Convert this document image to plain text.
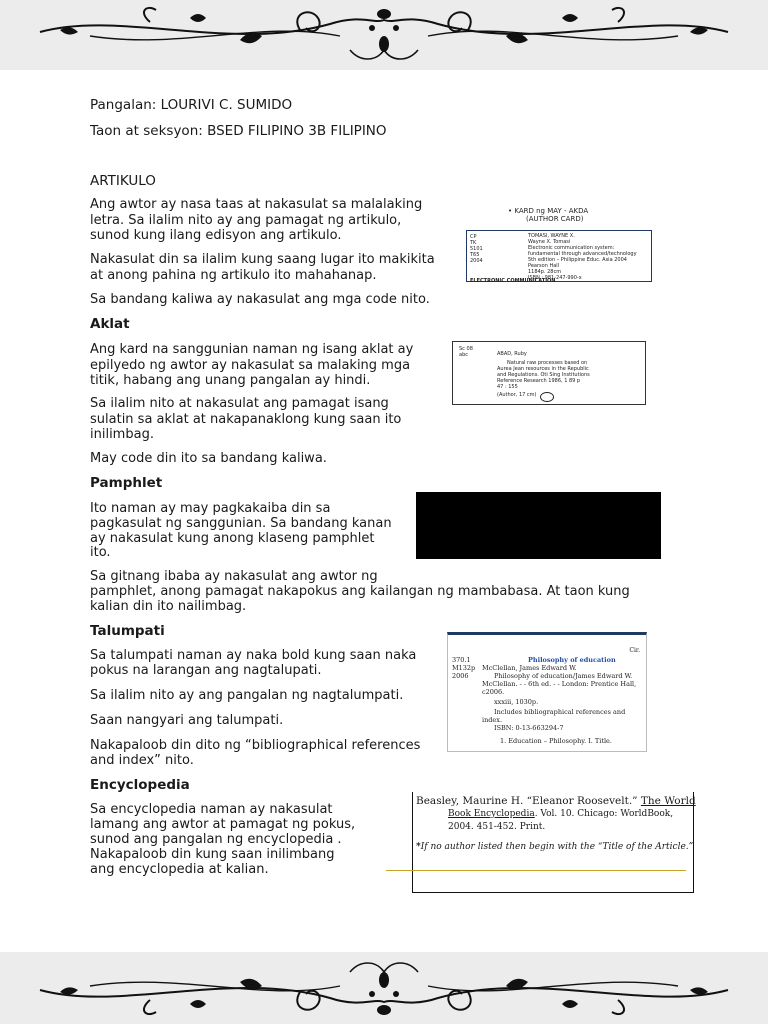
Pangalan: LOURIVI C. SUMIDO
Taon at seksyon: BSED FILIPINO 3B FILIPINO
ARTIKULO
Ang awtor ay nasa taas at nakasulat sa malalaking
letra. Sa ilalim nito ay ang pamagat ng artikulo,
sunod kung ilang edisyon ang artikulo.
Nakasulat din sa ilalim kung saang lugar ito makikita
at anong pahina ng artikulo ito mahahanap.
Sa bandang kaliwa ay nakasulat ang mga code nito.
• KARD ng MAY - AKDA
(AUTHOR CARD)
CP
TK
5101
T65
2004
TOMASI, WAYNE X.
Wayne X. Tomasi
Electronic communication system:
fundamental through advanced/technology
5th edition – Philippine Educ. Asia 2004
Pearson Hall
1184p. 28cm
ISBN : 981-247-990-x
ELECTRONIC COMMUNICATION
Aklat
Ang kard na sanggunian naman ng isang aklat ay
epilyedo ng awtor ay nakasulat sa malaking mga
titik, habang ang unang pangalan ay hindi.
Sa ilalim nito at nakasulat ang pamagat isang
sulatin sa aklat at nakapanaklong kung saan ito
inilimbag.
May code din ito sa bandang kaliwa.
Sc 08
abc	ABAD, Ruby
Natural raw processes based on
Aurea Jean resources in the Republic
and Regulations. Oti Sing Institutions
Reference Research 1986, 1 89 p
47 : 155
(Author, 17 cm)
Pamphlet
Ito naman ay may pagkakaiba din sa
pagkasulat ng sanggunian. Sa bandang kanan
ay nakasulat kung anong klaseng pamphlet
ito.
Sa gitnang ibaba ay nakasulat ang awtor ng
pamphlet, anong pamagat nakapokus ang kailangan ng mambabasa. At taon kung
kalian din ito nailimbag.
Talumpati
Sa talumpati naman ay naka bold kung saan naka
pokus na larangan ang nagtalupati.
Sa ilalim nito ay ang pangalan ng nagtalumpati.
Saan nangyari ang talumpati.
Nakapaloob din dito ng “bibliographical references
and index” nito.
Cir.
370.1
M132p
2006
Philosophy of education
McClellan, James Edward W.
Philosophy of education/James Edward W.
McClellan. - - 6th ed. - - London: Prentice Hall,
c2006.
xxxiii, 1030p.
Includes bibliographical references and
index.
ISBN: 0-13-663294-7
1. Education – Philosophy. I. Title.
Encyclopedia
Sa encyclopedia naman ay nakasulat
lamang ang awtor at pamagat ng pokus,
sunod ang pangalan ng encyclopedia .
Nakapaloob din kung saan inilimbang
ang encyclopedia at kalian.
Beasley, Maurine H. “Eleanor Roosevelt.” The World
Book Encyclopedia. Vol. 10. Chicago: WorldBook,
2004. 451-452. Print.
*If no author listed then begin with the “Title of the Article.”
